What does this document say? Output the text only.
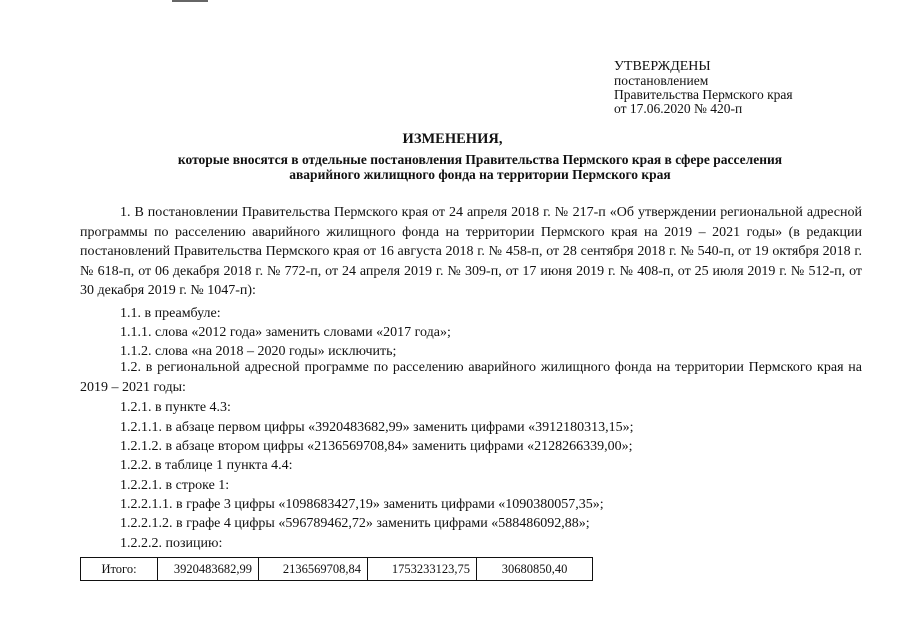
УТВЕРЖДЕНЫ
постановлением
Правительства Пермского края
от 17.06.2020 № 420-п
ИЗМЕНЕНИЯ,
которые вносятся в отдельные постановления Правительства Пермского края в сфере расселения
аварийного жилищного фонда на территории Пермского края
1. В постановлении Правительства Пермского края от 24 апреля 2018 г. № 217-п «Об утверждении региональной адресной программы по расселению аварийного жилищного фонда на территории Пермского края на 2019 – 2021 годы» (в редакции постановлений Правительства Пермского края от 16 августа 2018 г. № 458-п, от 28 сентября 2018 г. № 540-п, от 19 октября 2018 г. № 618-п, от 06 декабря 2018 г. № 772-п, от 24 апреля 2019 г. № 309-п, от 17 июня 2019 г. № 408-п, от 25 июля 2019 г. № 512-п, от 30 декабря 2019 г. № 1047-п):
1.1. в преамбуле:
1.1.1. слова «2012 года» заменить словами «2017 года»;
1.1.2. слова «на 2018 – 2020 годы» исключить;
1.2. в региональной адресной программе по расселению аварийного жилищного фонда на территории Пермского края на 2019 – 2021 годы:
1.2.1. в пункте 4.3:
1.2.1.1. в абзаце первом цифры «3920483682,99» заменить цифрами «3912180313,15»;
1.2.1.2. в абзаце втором цифры «2136569708,84» заменить цифрами «2128266339,00»;
1.2.2. в таблице 1 пункта 4.4:
1.2.2.1. в строке 1:
1.2.2.1.1. в графе 3 цифры «1098683427,19» заменить цифрами «1090380057,35»;
1.2.2.1.2. в графе 4 цифры «596789462,72» заменить цифрами «588486092,88»;
1.2.2.2. позицию:
Итого:	3920483682,99	2136569708,84	1753233123,75	30680850,40
